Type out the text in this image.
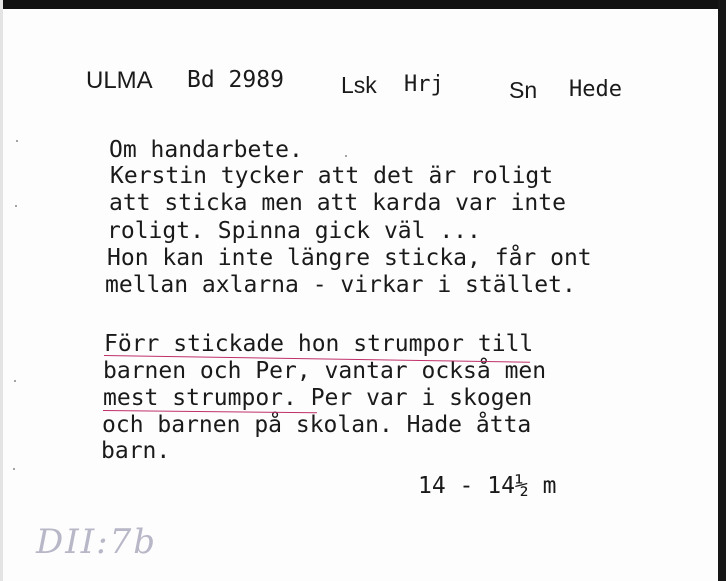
ULMA Bd 2989 Lsk Hrj	Sn Hede
Om handarbete.
Kerstin tycker att det är roligt
att sticka men att karda var inte
roligt. Spinna gick väl ...
Hon kan inte längre sticka, får ont
mellan axlarna - virkar i stället.
Förr stickade hon strumpor till
barnen och Per, vantar också men
mest strumpor. Per var i skogen
och barnen på skolan. Hade åtta
barn.
14 - 14½ m
DII:7b
